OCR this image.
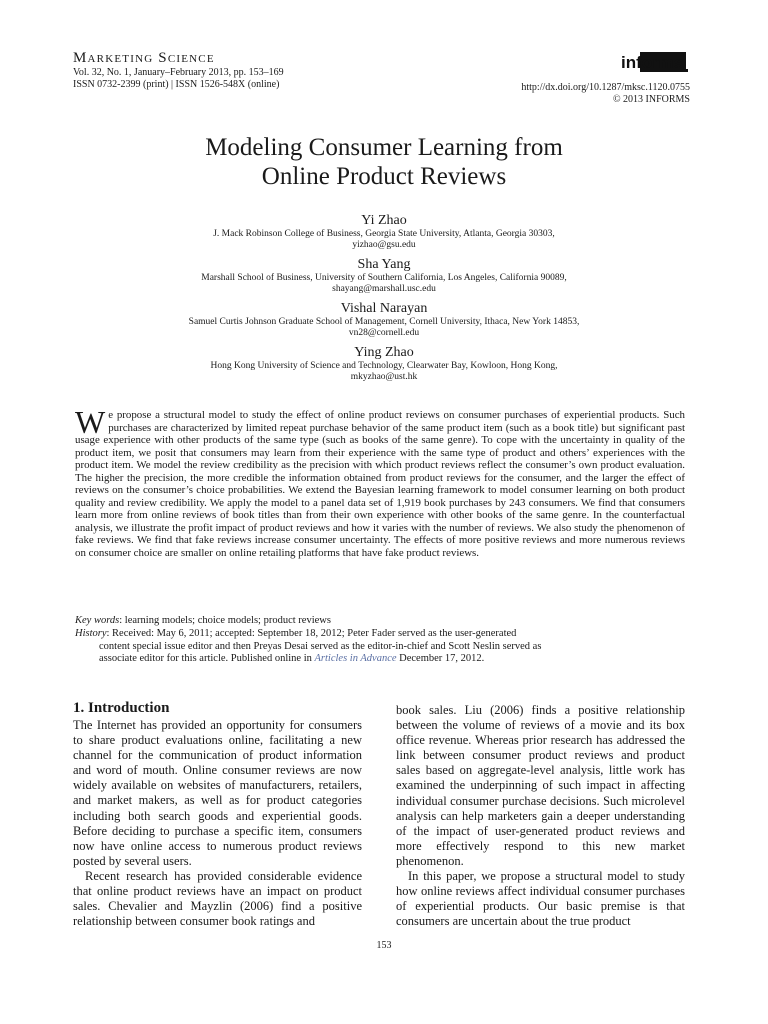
Marketing Science
Vol. 32, No. 1, January–February 2013, pp. 153–169
ISSN 0732-2399 (print) | ISSN 1526-548X (online)
informs
http://dx.doi.org/10.1287/mksc.1120.0755
© 2013 INFORMS
Modeling Consumer Learning from
Online Product Reviews
Yi Zhao
J. Mack Robinson College of Business, Georgia State University, Atlanta, Georgia 30303,
yizhao@gsu.edu
Sha Yang
Marshall School of Business, University of Southern California, Los Angeles, California 90089,
shayang@marshall.usc.edu
Vishal Narayan
Samuel Curtis Johnson Graduate School of Management, Cornell University, Ithaca, New York 14853,
vn28@cornell.edu
Ying Zhao
Hong Kong University of Science and Technology, Clearwater Bay, Kowloon, Hong Kong,
mkyzhao@ust.hk
We propose a structural model to study the effect of online product reviews on consumer purchases of experiential products. Such purchases are characterized by limited repeat purchase behavior of the same product item (such as a book title) but significant past usage experience with other products of the same type (such as books of the same genre). To cope with the uncertainty in quality of the product item, we posit that consumers may learn from their experience with the same type of product and others’ experiences with the product item. We model the review credibility as the precision with which product reviews reflect the consumer’s own product evaluation. The higher the precision, the more credible the information obtained from product reviews for the consumer, and the larger the effect of reviews on the consumer’s choice probabilities. We extend the Bayesian learning framework to model consumer learning on both product quality and review credibility. We apply the model to a panel data set of 1,919 book purchases by 243 consumers. We find that consumers learn more from online reviews of book titles than from their own experience with other books of the same genre. In the counterfactual analysis, we illustrate the profit impact of product reviews and how it varies with the number of reviews. We also study the phenomenon of fake reviews. We find that fake reviews increase consumer uncertainty. The effects of more positive reviews and more numerous reviews on consumer choice are smaller on online retailing platforms that have fake product reviews.
Key words: learning models; choice models; product reviews
History: Received: May 6, 2011; accepted: September 18, 2012; Peter Fader served as the user-generated
content special issue editor and then Preyas Desai served as the editor-in-chief and Scott Neslin served as
associate editor for this article. Published online in Articles in Advance December 17, 2012.
1. Introduction

The Internet has provided an opportunity for consumers to share product evaluations online, facilitating a new channel for the communication of product information and word of mouth. Online consumer reviews are now widely available on websites of manufacturers, retailers, and market makers, as well as for product categories including both search goods and experiential goods. Before deciding to purchase a specific item, consumers now have online access to numerous product reviews posted by several users.

Recent research has provided considerable evidence that online product reviews have an impact on product sales. Chevalier and Mayzlin (2006) find a positive relationship between consumer book ratings and

book sales. Liu (2006) finds a positive relationship between the volume of reviews of a movie and its box office revenue. Whereas prior research has addressed the link between consumer product reviews and product sales based on aggregate-level analysis, little work has examined the underpinning of such impact in affecting individual consumer purchase decisions. Such microlevel analysis can help marketers gain a deeper understanding of the impact of user-generated product reviews and more effectively respond to this new market phenomenon.

In this paper, we propose a structural model to study how online reviews affect individual consumer purchases of experiential products. Our basic premise is that consumers are uncertain about the true product

153
